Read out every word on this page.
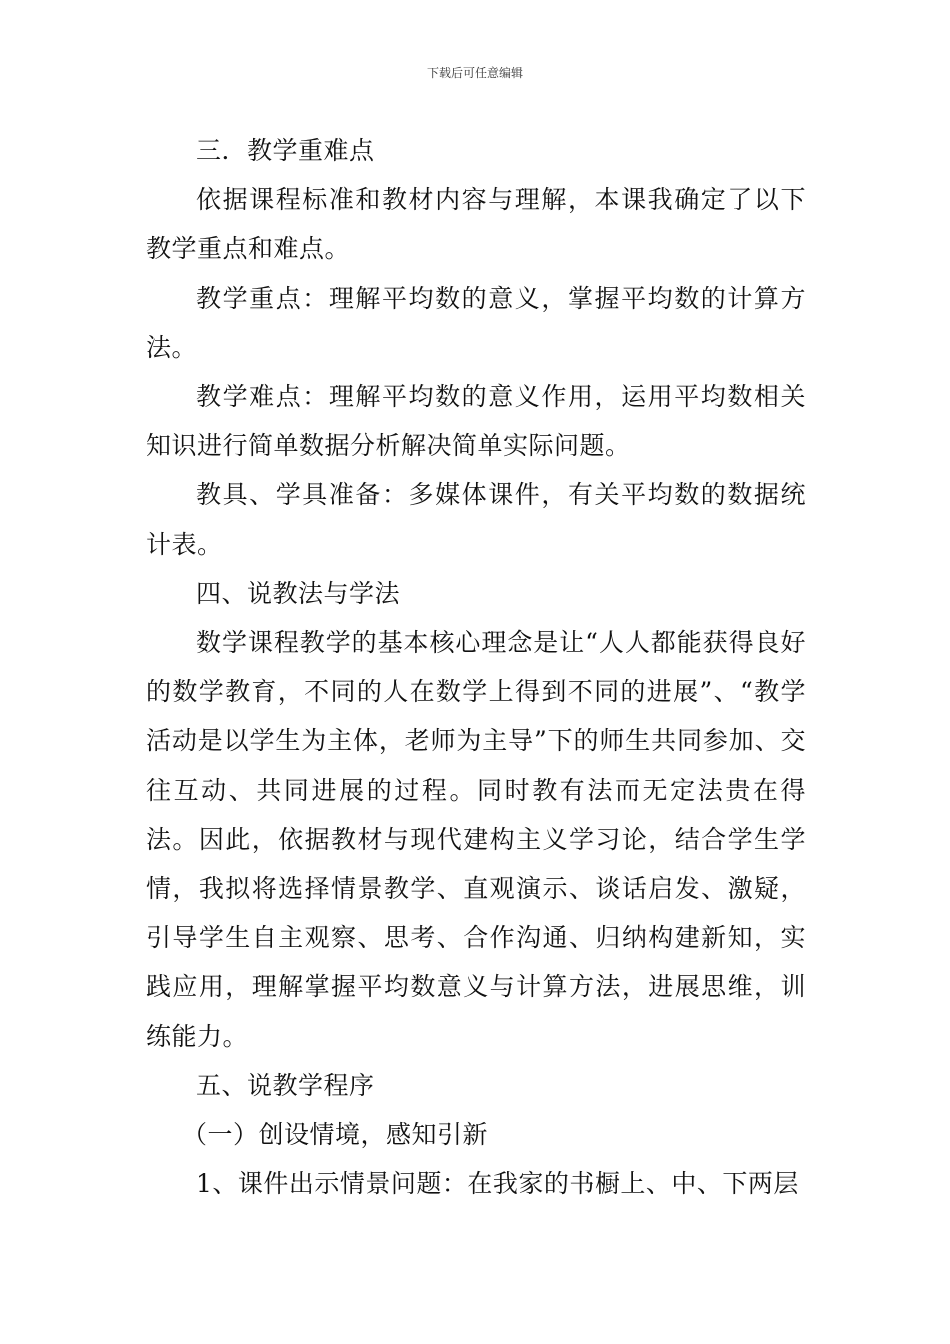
下载后可任意编辑

三．教学重难点

依据课程标准和教材内容与理解，本课我确定了以下教学重点和难点。

教学重点：理解平均数的意义，掌握平均数的计算方法。

教学难点：理解平均数的意义作用，运用平均数相关知识进行简单数据分析解决简单实际问题。

教具、学具准备：多媒体课件，有关平均数的数据统计表。

四、说教法与学法

数学课程教学的基本核心理念是让“人人都能获得良好的数学教育，不同的人在数学上得到不同的进展”、“教学活动是以学生为主体，老师为主导”下的师生共同参加、交往互动、共同进展的过程。同时教有法而无定法贵在得法。因此，依据教材与现代建构主义学习论，结合学生学情，我拟将选择情景教学、直观演示、谈话启发、激疑，引导学生自主观察、思考、合作沟通、归纳构建新知，实践应用，理解掌握平均数意义与计算方法，进展思维，训练能力。

五、说教学程序

（一）创设情境，感知引新

1、课件出示情景问题：在我家的书橱上、中、下两层
